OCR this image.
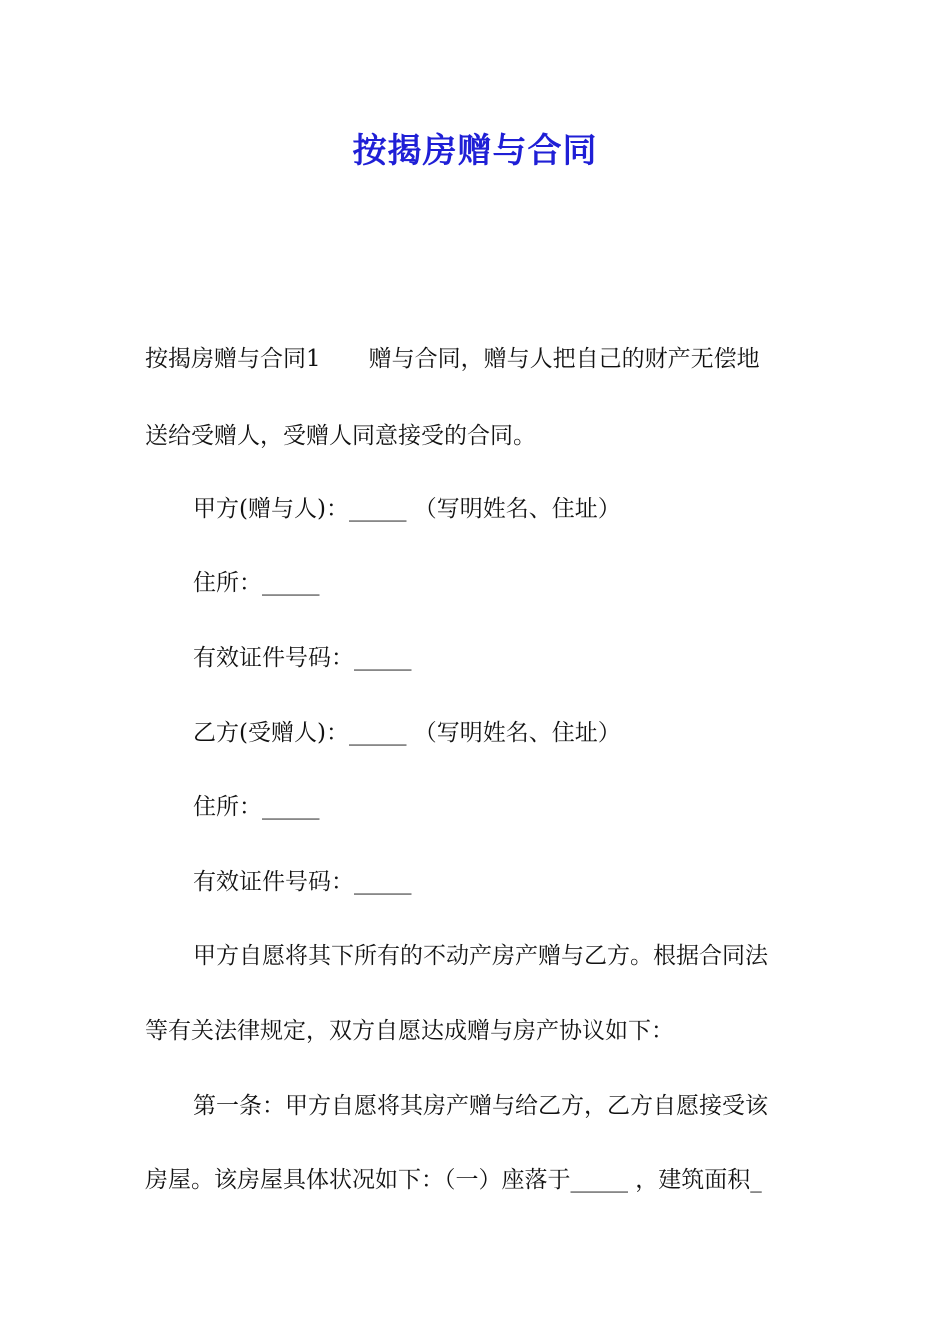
按揭房赠与合同
按揭房赠与合同1 赠与合同，赠与人把自己的财产无偿地
送给受赠人，受赠人同意接受的合同。
甲方(赠与人)：_____ （写明姓名、住址）
住所：_____
有效证件号码：_____
乙方(受赠人)：_____ （写明姓名、住址）
住所：_____
有效证件号码：_____
甲方自愿将其下所有的不动产房产赠与乙方。根据合同法
等有关法律规定，双方自愿达成赠与房产协议如下：
第一条：甲方自愿将其房产赠与给乙方，乙方自愿接受该
房屋。该房屋具体状况如下：（一）座落于_____ ，建筑面积_
